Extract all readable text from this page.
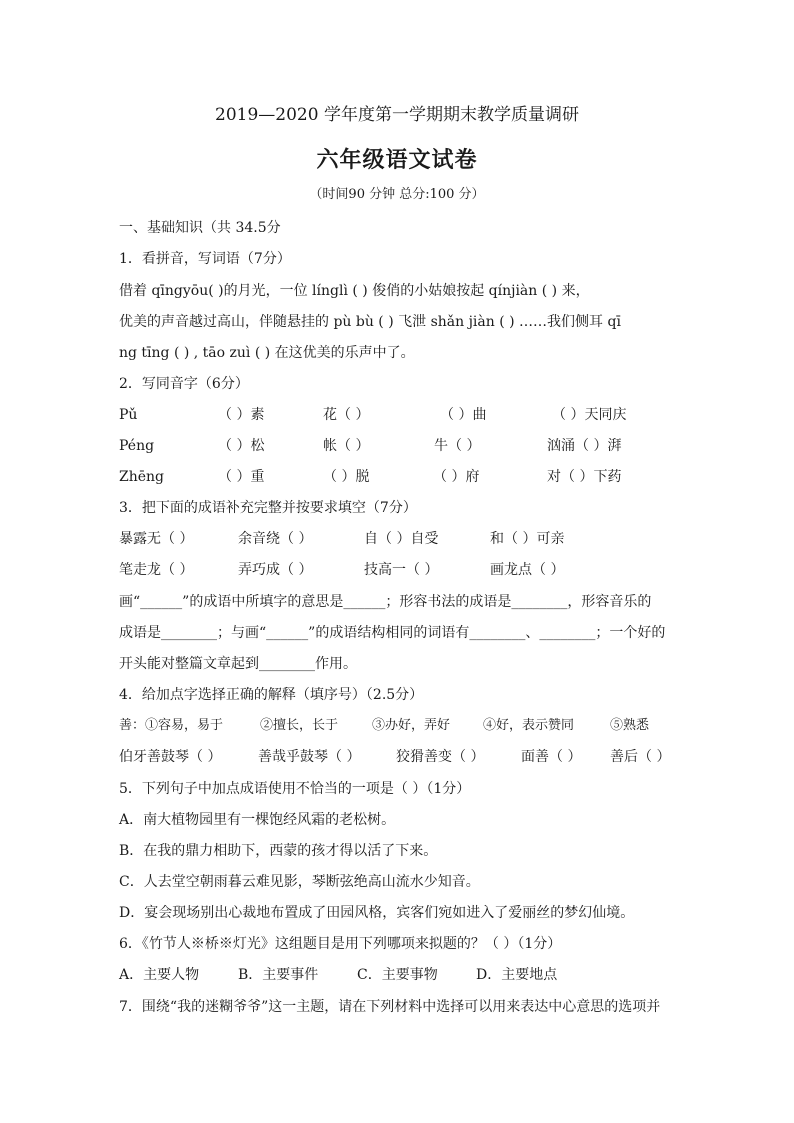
2019—2020 学年度第一学期期末教学质量调研
六年级语文试卷
（时间90 分钟 总分:100 分）
一、基础知识（共 34.5分
1．看拼音，写词语（7分）
借着 qīngyōu( )的月光，一位 línglì ( ) 俊俏的小姑娘按起 qínjiàn ( ) 来，
优美的声音越过高山，伴随悬挂的 pù bù ( ) 飞泄 shǎn jiàn ( ) ……我们侧耳 qī
ng tīng ( ) , tāo zuì ( ) 在这优美的乐声中了。
2．写同音字（6分）
Pǔ	（ ）素	花（ ）	（ ）曲	（ ）天同庆
Péng	（ ）松	帐（ ）	牛（ ）	汹涌（ ）湃
Zhēng	（ ）重	（ ）脱	（ ）府	对（ ）下药
3．把下面的成语补充完整并按要求填空（7分）
暴露无（ ）	余音绕（ ）	自（ ）自受	和（ ）可亲
笔走龙（ ）	弄巧成（ ）	技高一（ ）	画龙点（ ）
画“______”的成语中所填字的意思是______；形容书法的成语是________，形容音乐的
成语是________；与画“______”的成语结构相同的词语有________、________；一个好的
开头能对整篇文章起到________作用。
4．给加点字选择正确的解释（填序号）（2.5分）
善：①容易，易于	②擅长，长于	③办好，弄好	④好，表示赞同	⑤熟悉
伯牙善鼓琴（ ）	善哉乎鼓琴（ ）	狡猾善变（ ）	面善（ ） 善后（ ）
5．下列句子中加点成语使用不恰当的一项是（ ）（1分）
A．南大植物园里有一棵饱经风霜的老松树。
B．在我的鼎力相助下，西蒙的孩才得以活了下来。
C．人去堂空朝雨暮云难见影，琴断弦绝高山流水少知音。
D．宴会现场别出心裁地布置成了田园风格，宾客们宛如进入了爱丽丝的梦幻仙境。
6．《竹节人※桥※灯光》这组题目是用下列哪项来拟题的？（ ）（1分）
A．主要人物	B．主要事件	C．主要事物	D．主要地点
7．围绕“我的迷糊爷爷”这一主题，请在下列材料中选择可以用来表达中心意思的选项并
